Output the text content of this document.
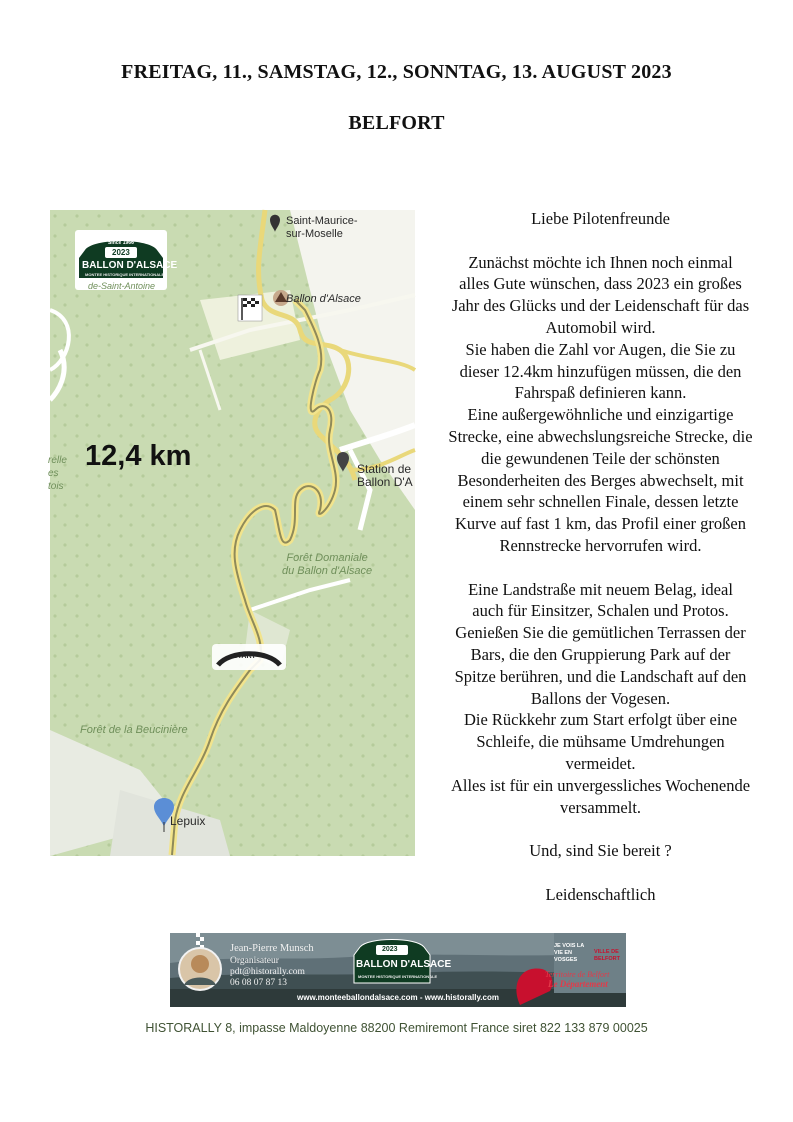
FREITAG, 11., SAMSTAG, 12., SONNTAG, 13. AUGUST 2023
BELFORT
Since 1966
2023
BALLON D'ALSACE
MONTEE HISTORIQUE INTERNATIONALE
Saint-Maurice-
sur-Moselle
Ballon d'Alsace
de-Saint-Antoine
relle
es
tois
Station de
Ballon D'A
Forêt Domaniale
du Ballon d'Alsace
Forêt de la Beucinière
Lepuix
START
12,4 km

Liebe Pilotenfreunde

Zunächst möchte ich Ihnen noch einmal

alles Gute wünschen, dass 2023 ein großes

Jahr des Glücks und der Leidenschaft für das

Automobil wird.

Sie haben die Zahl vor Augen, die Sie zu

dieser 12.4km hinzufügen müssen, die den

Fahrspaß definieren kann.

Eine außergewöhnliche und einzigartige

Strecke, eine abwechslungsreiche Strecke, die

die gewundenen Teile der schönsten

Besonderheiten des Berges abwechselt, mit

einem sehr schnellen Finale, dessen letzte

Kurve auf fast 1 km, das Profil einer großen

Rennstrecke hervorrufen wird.

Eine Landstraße mit neuem Belag, ideal

auch für Einsitzer, Schalen und Protos.

Genießen Sie die gemütlichen Terrassen der

Bars, die den Gruppierung Park auf der

Spitze berühren, und die Landschaft auf den

Ballons der Vogesen.

Die Rückkehr zum Start erfolgt über eine

Schleife, die mühsame Umdrehungen

vermeidet.

Alles ist für ein unvergessliches Wochenende

versammelt.

Und, sind Sie bereit ?

Leidenschaftlich

Jean-Pierre Munsch
Organisateur
pdt@historally.com
06 08 07 87 13
2023
BALLON D'ALSACE
MONTEE HISTORIQUE INTERNATIONALE
JE VOIS LA VIE EN VOSGES
VILLE DE BELFORT
Territoire de Belfort
Le Département
www.monteeballondalsace.com - www.historally.com
HISTORALLY 8, impasse Maldoyenne 88200 Remiremont France siret 822 133 879 00025
